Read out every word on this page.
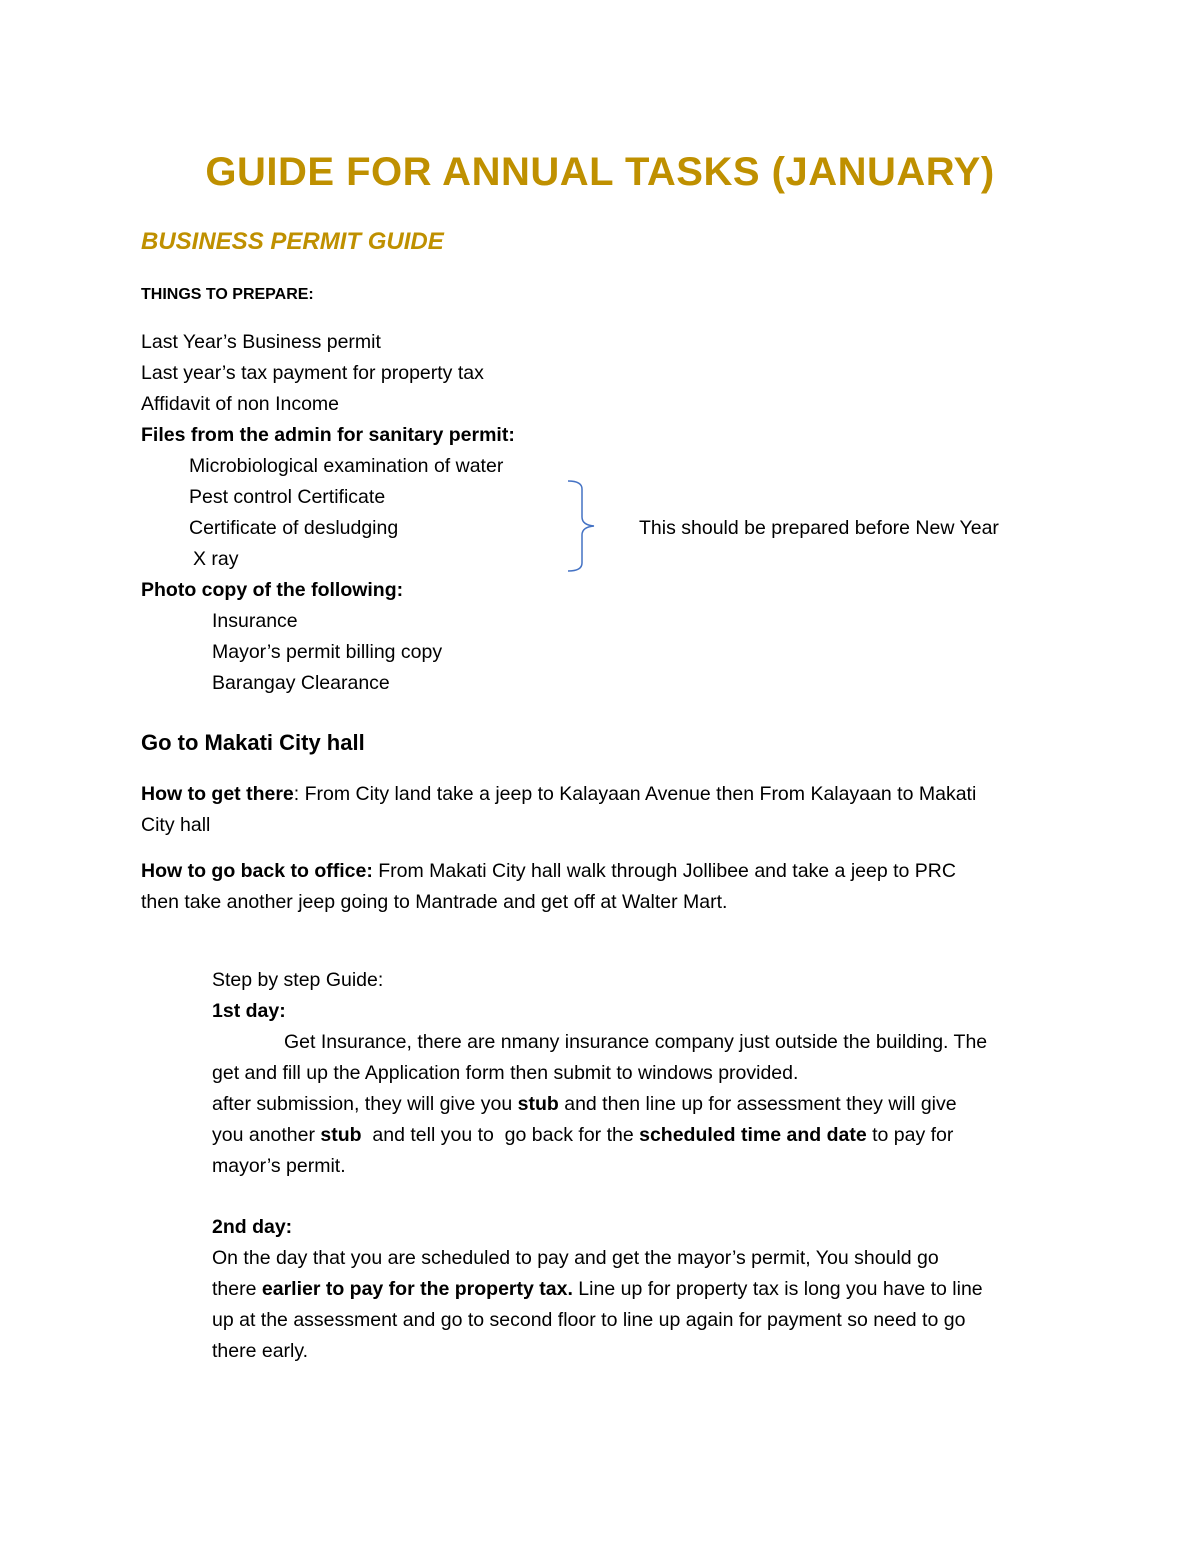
GUIDE FOR ANNUAL TASKS (JANUARY)
BUSINESS PERMIT GUIDE
THINGS TO PREPARE:
Last Year’s Business permit
Last year’s tax payment for property tax
Affidavit of non Income
Files from the admin for sanitary permit:
Microbiological examination of water
Pest control Certificate
Certificate of desludging
X ray
This should be prepared before New Year
Photo copy of the following:
Insurance
Mayor’s permit billing copy
Barangay Clearance
Go to Makati City hall
How to get there: From City land take a jeep to Kalayaan Avenue then From Kalayaan to Makati
City hall
How to go back to office: From Makati City hall walk through Jollibee and take a jeep to PRC
then take another jeep going to Mantrade and get off at Walter Mart.
Step by step Guide:
1st day:
Get Insurance, there are nmany insurance company just outside the building. The
get and fill up the Application form then submit to windows provided.
after submission, they will give you stub and then line up for assessment they will give
you another stub  and tell you to  go back for the scheduled time and date to pay for
mayor’s permit.
2nd day:
On the day that you are scheduled to pay and get the mayor’s permit, You should go
there earlier to pay for the property tax. Line up for property tax is long you have to line
up at the assessment and go to second floor to line up again for payment so need to go
there early.
